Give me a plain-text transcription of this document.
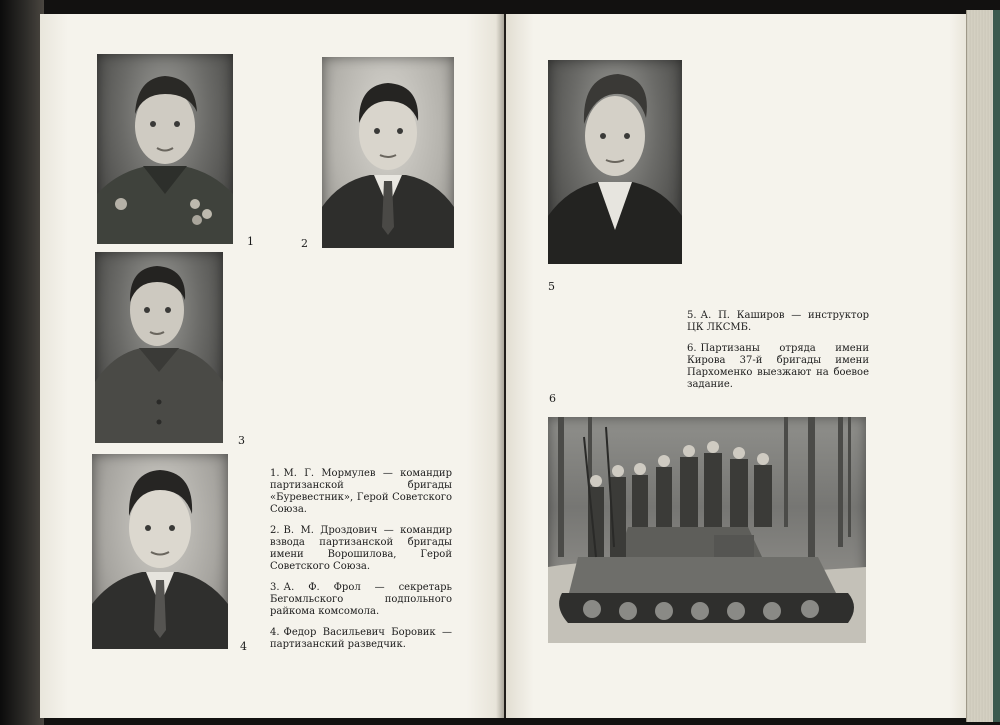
1	2
3
4
1. М. Г. Мормулев — командир партизанской бригады «Буревестник», Герой Советского Союза.
2. В. М. Дроздович — командир взвода партизанской бригады имени Ворошилова, Герой Советского Союза.
3. А. Ф. Фрол — секретарь Бегомльского подпольного райкома комсомола.
4. Федор Васильевич Боровик — партизанский разведчик.
5
5. А. П. Каширов — инструктор ЦК ЛКСМБ.
6. Партизаны отряда имени Кирова 37-й бригады имени Пархоменко выезжают на боевое задание.
6
